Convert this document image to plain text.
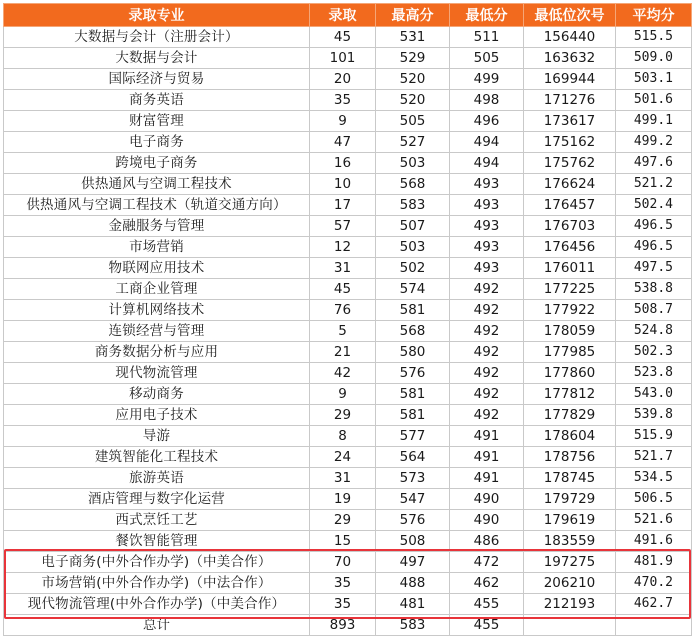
录取专业	录取	最高分	最低分	最低位次号	平均分
大数据与会计（注册会计）	45	531	511	156440	515.5
大数据与会计	101	529	505	163632	509.0
国际经济与贸易	20	520	499	169944	503.1
商务英语	35	520	498	171276	501.6
财富管理	9	505	496	173617	499.1
电子商务	47	527	494	175162	499.2
跨境电子商务	16	503	494	175762	497.6
供热通风与空调工程技术	10	568	493	176624	521.2
供热通风与空调工程技术（轨道交通方向）	17	583	493	176457	502.4
金融服务与管理	57	507	493	176703	496.5
市场营销	12	503	493	176456	496.5
物联网应用技术	31	502	493	176011	497.5
工商企业管理	45	574	492	177225	538.8
计算机网络技术	76	581	492	177922	508.7
连锁经营与管理	5	568	492	178059	524.8
商务数据分析与应用	21	580	492	177985	502.3
现代物流管理	42	576	492	177860	523.8
移动商务	9	581	492	177812	543.0
应用电子技术	29	581	492	177829	539.8
导游	8	577	491	178604	515.9
建筑智能化工程技术	24	564	491	178756	521.7
旅游英语	31	573	491	178745	534.5
酒店管理与数字化运营	19	547	490	179729	506.5
西式烹饪工艺	29	576	490	179619	521.6
餐饮智能管理	15	508	486	183559	491.6
电子商务(中外合作办学)（中美合作）	70	497	472	197275	481.9
市场营销(中外合作办学)（中法合作）	35	488	462	206210	470.2
现代物流管理(中外合作办学)（中美合作）	35	481	455	212193	462.7
总计	893	583	455		
